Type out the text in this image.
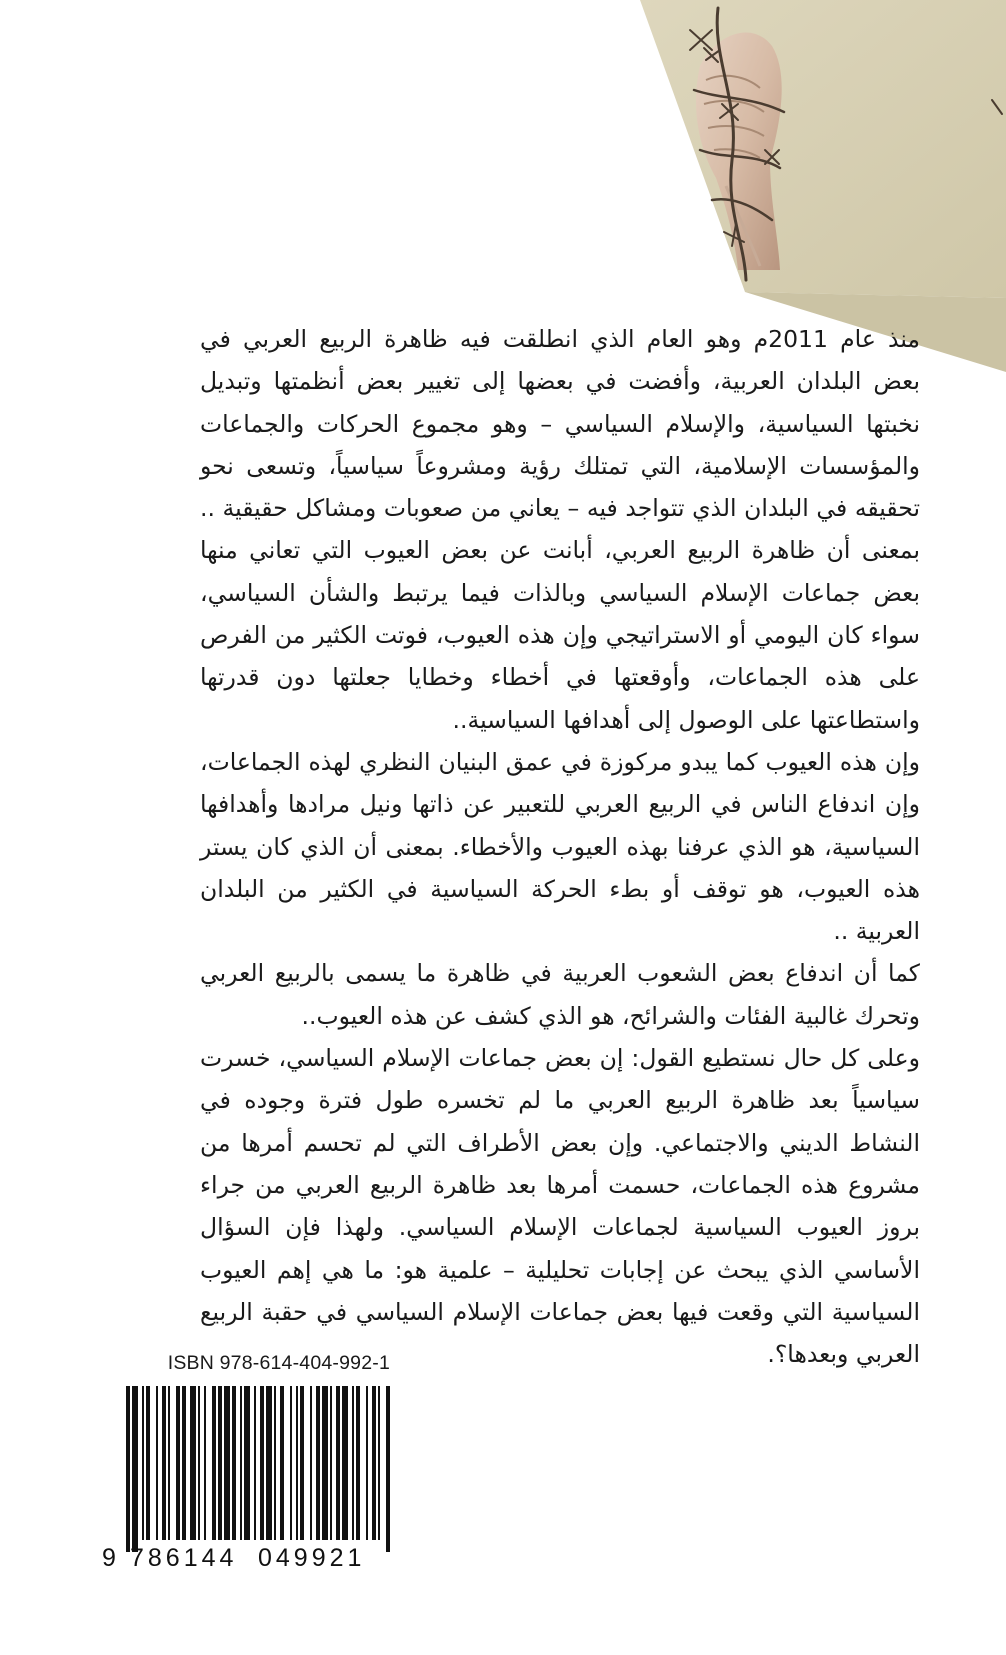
منذ عام 2011م وهو العام الذي انطلقت فيه ظاهرة الربيع العربي في بعض البلدان العربية، وأفضت في بعضها إلى تغيير بعض أنظمتها وتبديل نخبتها السياسية، والإسلام السياسي – وهو مجموع الحركات والجماعات والمؤسسات الإسلامية، التي تمتلك رؤية ومشروعاً سياسياً، وتسعى نحو تحقيقه في البلدان الذي تتواجد فيه – يعاني من صعوبات ومشاكل حقيقية .. بمعنى أن ظاهرة الربيع العربي، أبانت عن بعض العيوب التي تعاني منها بعض جماعات الإسلام السياسي وبالذات فيما يرتبط والشأن السياسي، سواء كان اليومي أو الاستراتيجي وإن هذه العيوب، فوتت الكثير من الفرص على هذه الجماعات، وأوقعتها في أخطاء وخطايا جعلتها دون قدرتها واستطاعتها على الوصول إلى أهدافها السياسية..

وإن هذه العيوب كما يبدو مركوزة في عمق البنيان النظري لهذه الجماعات، وإن اندفاع الناس في الربيع العربي للتعبير عن ذاتها ونيل مرادها وأهدافها السياسية، هو الذي عرفنا بهذه العيوب والأخطاء. بمعنى أن الذي كان يستر هذه العيوب، هو توقف أو بطء الحركة السياسية في الكثير من البلدان العربية ..

كما أن اندفاع بعض الشعوب العربية في ظاهرة ما يسمى بالربيع العربي وتحرك غالبية الفئات والشرائح، هو الذي كشف عن هذه العيوب..

وعلى كل حال نستطيع القول: إن بعض جماعات الإسلام السياسي، خسرت سياسياً بعد ظاهرة الربيع العربي ما لم تخسره طول فترة وجوده في النشاط الديني والاجتماعي. وإن بعض الأطراف التي لم تحسم أمرها من مشروع هذه الجماعات، حسمت أمرها بعد ظاهرة الربيع العربي من جراء بروز العيوب السياسية لجماعات الإسلام السياسي. ولهذا فإن السؤال الأساسي الذي يبحث عن إجابات تحليلية – علمية هو: ما هي إهم العيوب السياسية التي وقعت فيها بعض جماعات الإسلام السياسي في حقبة الربيع العربي وبعدها؟.

ISBN 978-614-404-992-1
9 786144 049921
